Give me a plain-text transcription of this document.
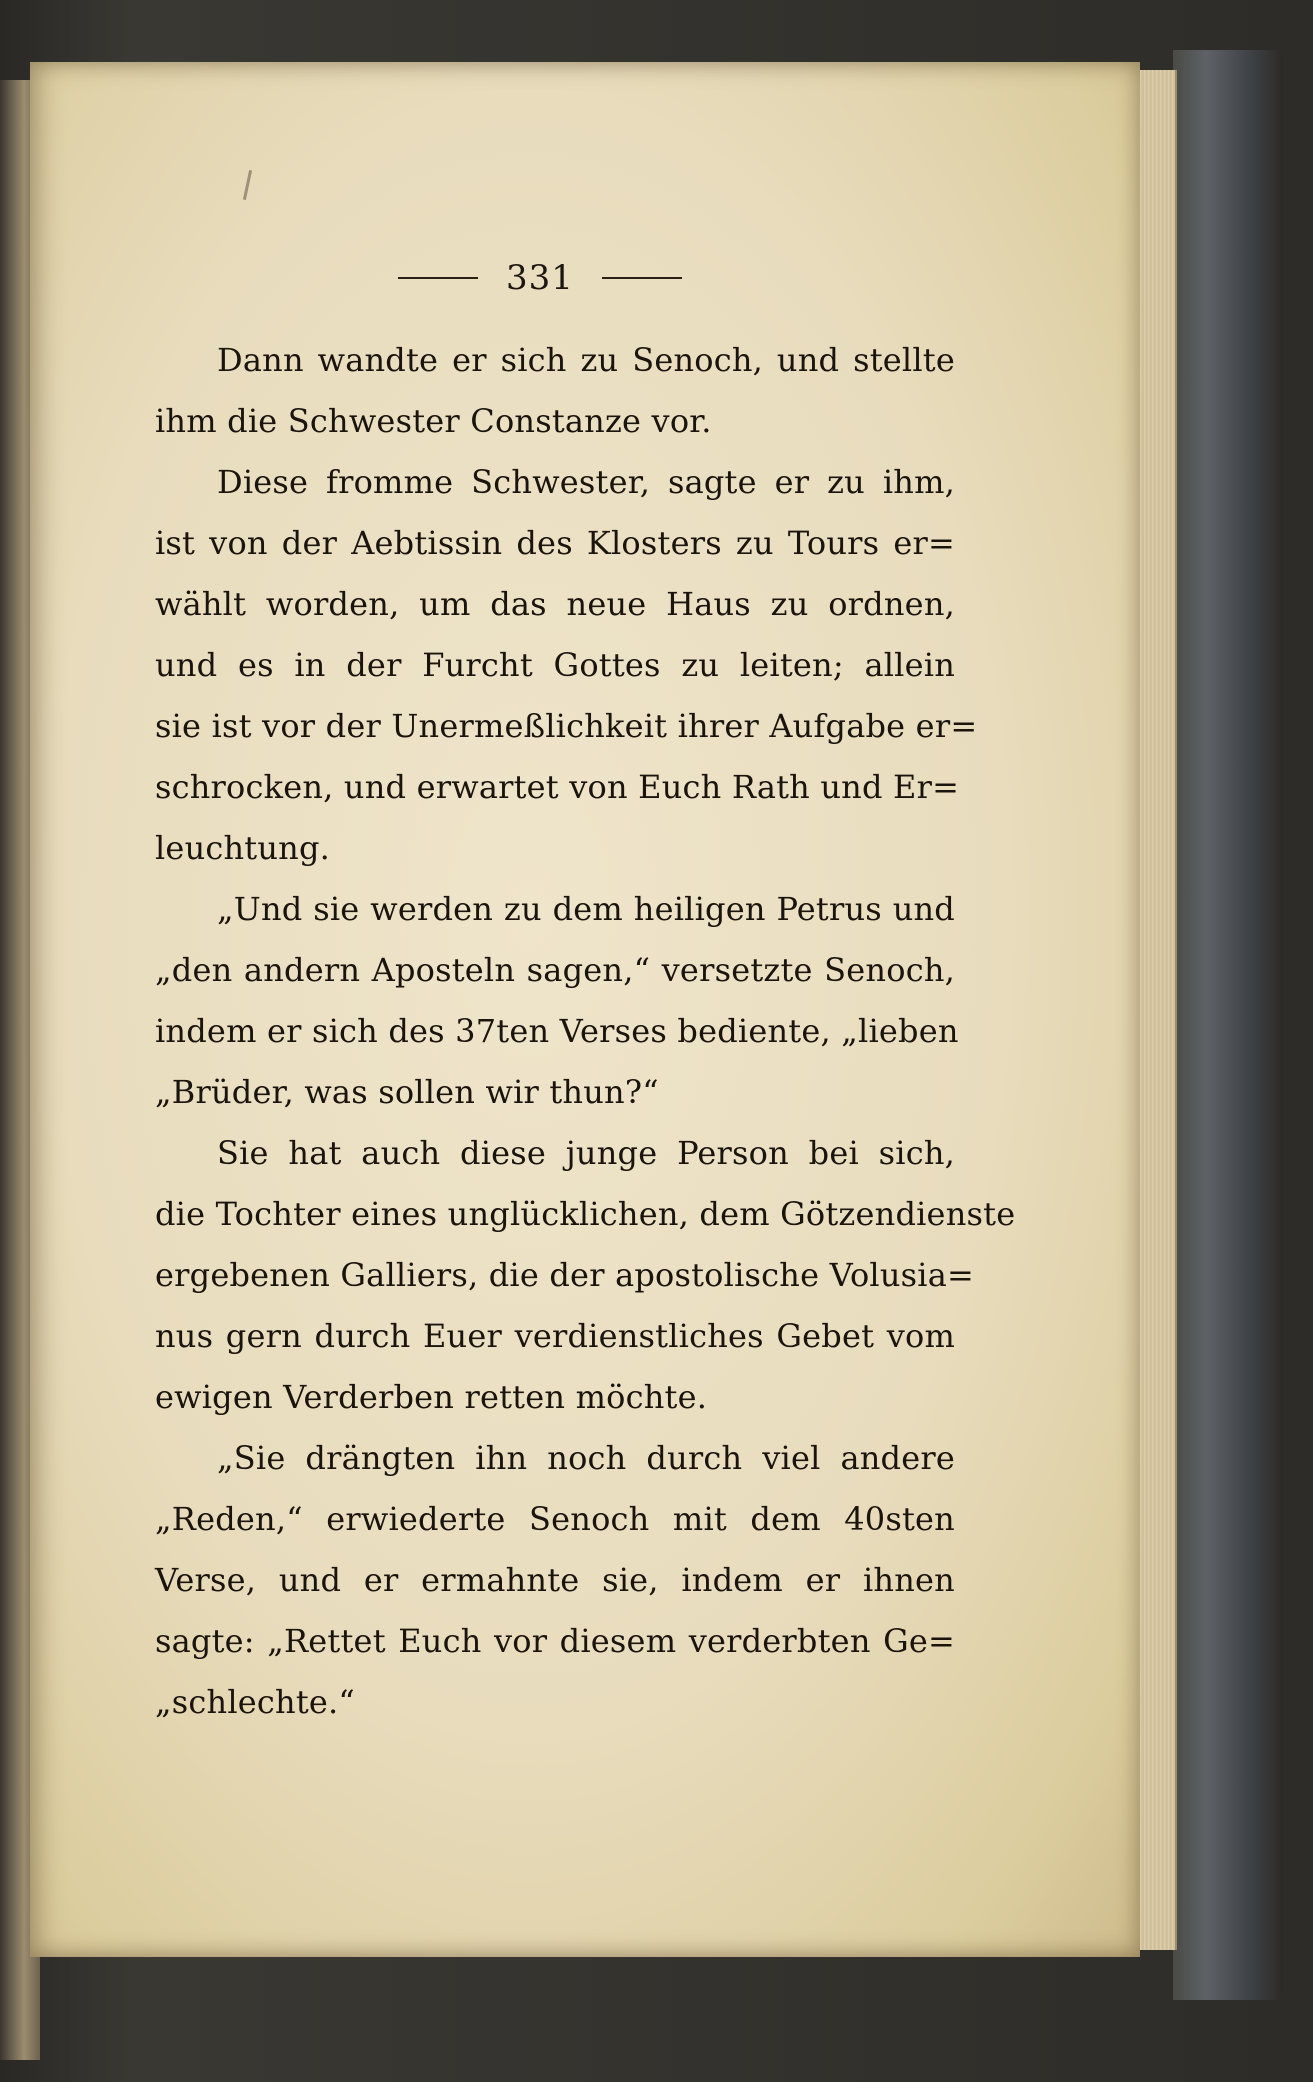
331
Dann wandte er sich zu Senoch, und stellte
ihm die Schwester Constanze vor.
Diese fromme Schwester, sagte er zu ihm,
ist von der Aebtissin des Klosters zu Tours er=
wählt worden, um das neue Haus zu ordnen,
und es in der Furcht Gottes zu leiten; allein
sie ist vor der Unermeßlichkeit ihrer Aufgabe er=
schrocken, und erwartet von Euch Rath und Er=
leuchtung.
„Und sie werden zu dem heiligen Petrus und
„den andern Aposteln sagen,“ versetzte Senoch,
indem er sich des 37ten Verses bediente, „lieben
„Brüder, was sollen wir thun?“
Sie hat auch diese junge Person bei sich,
die Tochter eines unglücklichen, dem Götzendienste
ergebenen Galliers, die der apostolische Volusia=
nus gern durch Euer verdienstliches Gebet vom
ewigen Verderben retten möchte.
„Sie drängten ihn noch durch viel andere
„Reden,“ erwiederte Senoch mit dem 40sten
Verse, und er ermahnte sie, indem er ihnen
sagte: „Rettet Euch vor diesem verderbten Ge=
„schlechte.“
